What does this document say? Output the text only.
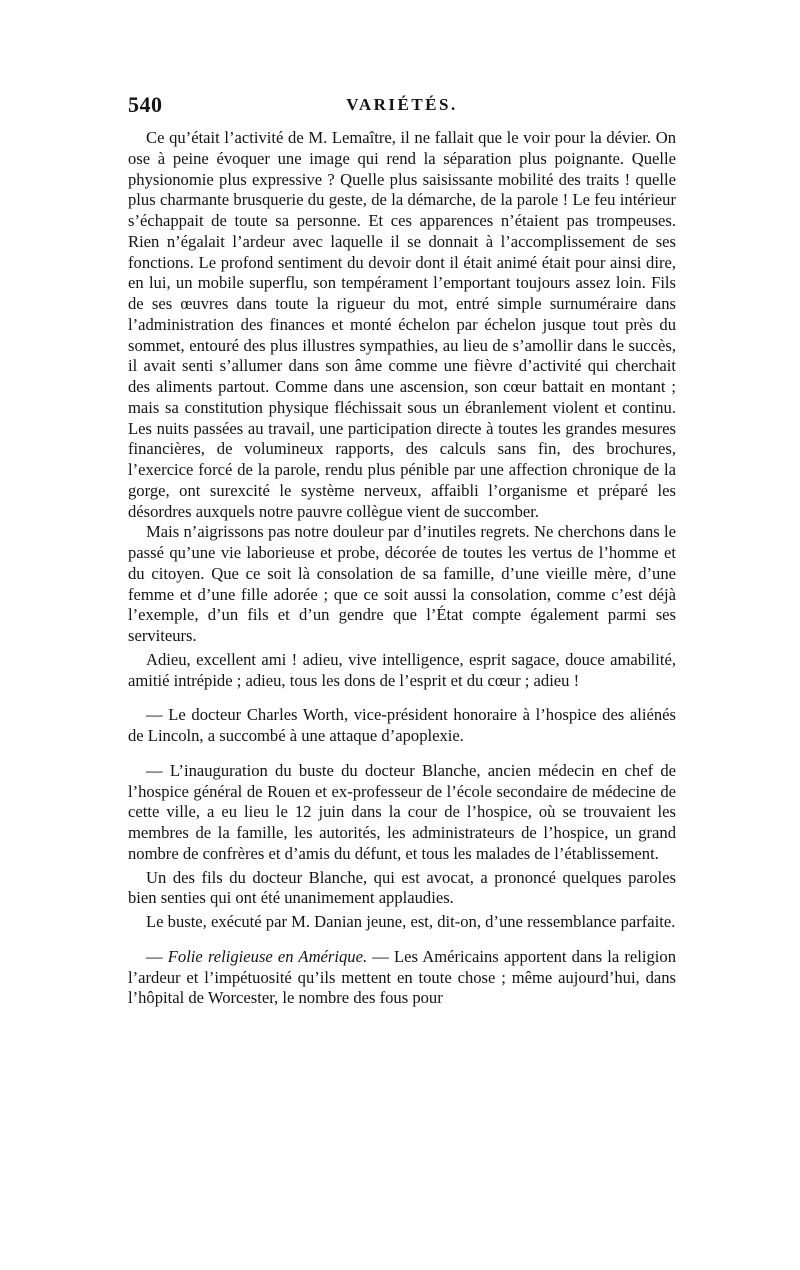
540	VARIÉTÉS.

Ce qu’était l’activité de M. Lemaître, il ne fallait que le voir pour la dévier. On ose à peine évoquer une image qui rend la séparation plus poignante. Quelle physionomie plus expressive ? Quelle plus saisissante mobilité des traits ! quelle plus charmante brusquerie du geste, de la démarche, de la parole ! Le feu intérieur s’échappait de toute sa personne. Et ces apparences n’étaient pas trompeuses. Rien n’égalait l’ardeur avec laquelle il se donnait à l’accomplissement de ses fonctions. Le profond sentiment du devoir dont il était animé était pour ainsi dire, en lui, un mobile superflu, son tempérament l’emportant toujours assez loin. Fils de ses œuvres dans toute la rigueur du mot, entré simple surnuméraire dans l’administration des finances et monté échelon par échelon jusque tout près du sommet, entouré des plus illustres sympathies, au lieu de s’amollir dans le succès, il avait senti s’allumer dans son âme comme une fièvre d’activité qui cherchait des aliments partout. Comme dans une ascension, son cœur battait en montant ; mais sa constitution physique fléchissait sous un ébranlement violent et continu. Les nuits passées au travail, une participation directe à toutes les grandes mesures financières, de volumineux rapports, des calculs sans fin, des brochures, l’exercice forcé de la parole, rendu plus pénible par une affection chronique de la gorge, ont surexcité le système nerveux, affaibli l’organisme et préparé les désordres auxquels notre pauvre collègue vient de succomber.

Mais n’aigrissons pas notre douleur par d’inutiles regrets. Ne cherchons dans le passé qu’une vie laborieuse et probe, décorée de toutes les vertus de l’homme et du citoyen. Que ce soit là consolation de sa famille, d’une vieille mère, d’une femme et d’une fille adorée ; que ce soit aussi la consolation, comme c’est déjà l’exemple, d’un fils et d’un gendre que l’État compte également parmi ses serviteurs.

Adieu, excellent ami ! adieu, vive intelligence, esprit sagace, douce amabilité, amitié intrépide ; adieu, tous les dons de l’esprit et du cœur ; adieu !

— Le docteur Charles Worth, vice-président honoraire à l’hospice des aliénés de Lincoln, a succombé à une attaque d’apoplexie.

— L’inauguration du buste du docteur Blanche, ancien médecin en chef de l’hospice général de Rouen et ex-professeur de l’école secondaire de médecine de cette ville, a eu lieu le 12 juin dans la cour de l’hospice, où se trouvaient les membres de la famille, les autorités, les administrateurs de l’hospice, un grand nombre de confrères et d’amis du défunt, et tous les malades de l’établissement.

Un des fils du docteur Blanche, qui est avocat, a prononcé quelques paroles bien senties qui ont été unanimement applaudies.

Le buste, exécuté par M. Danian jeune, est, dit-on, d’une ressemblance parfaite.

— Folie religieuse en Amérique. — Les Américains apportent dans la religion l’ardeur et l’impétuosité qu’ils mettent en toute chose ; même aujourd’hui, dans l’hôpital de Worcester, le nombre des fous pour
